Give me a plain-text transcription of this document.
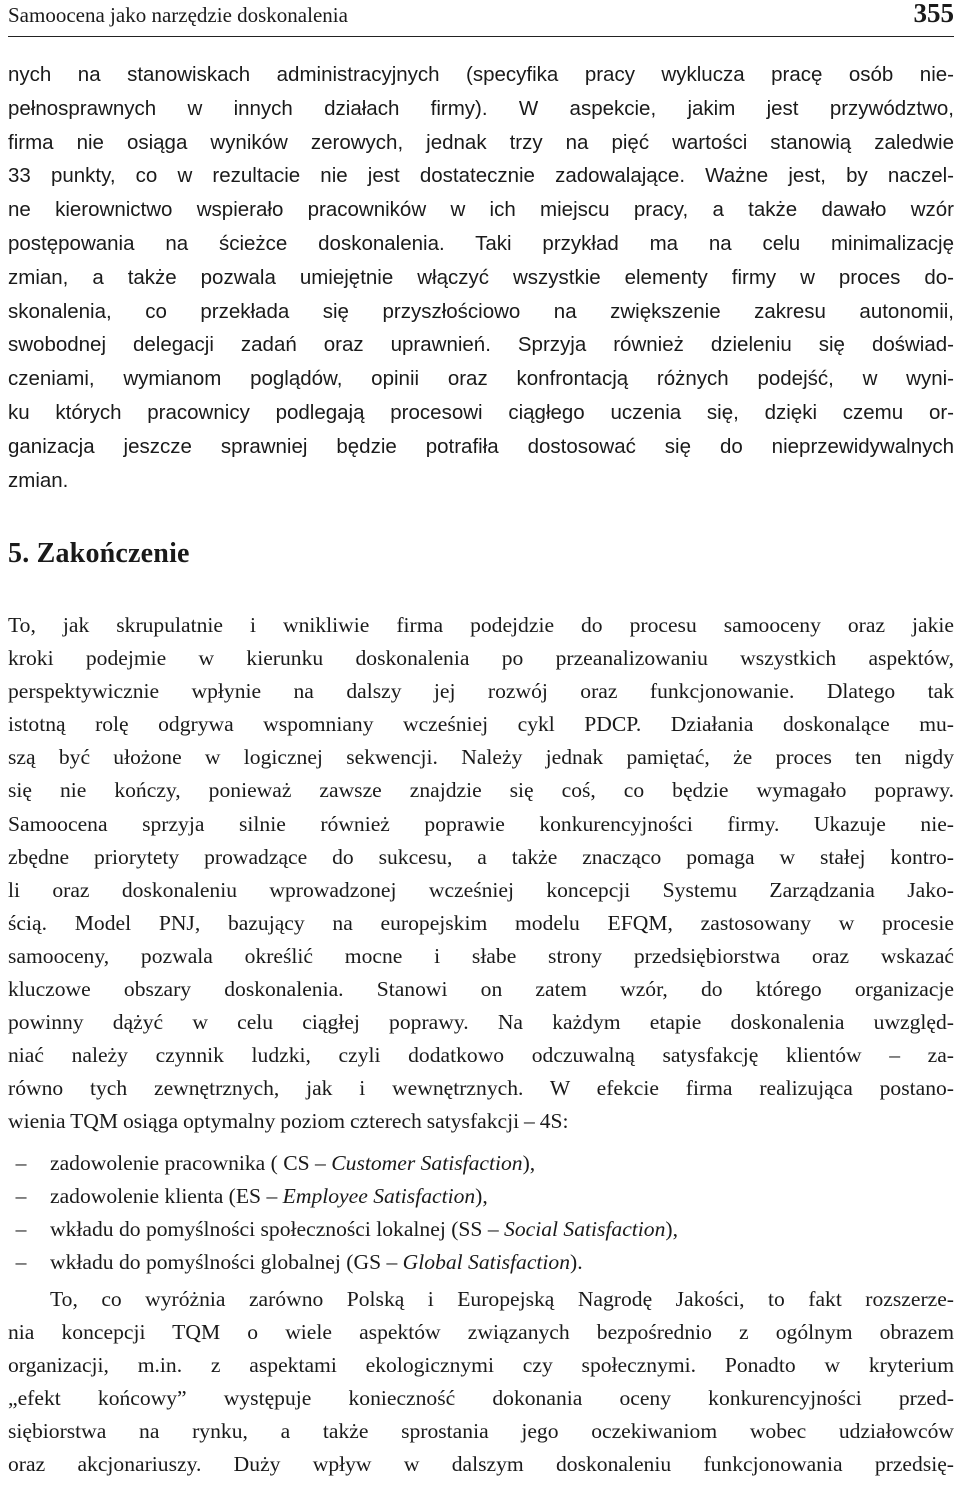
Samoocena jako narzędzie doskonalenia	355
nych na stanowiskach administracyjnych (specyfika pracy wyklucza pracę osób nie-
pełnosprawnych w innych działach firmy). W aspekcie, jakim jest przywództwo,
firma nie osiąga wyników zerowych, jednak trzy na pięć wartości stanowią zaledwie
33 punkty, co w rezultacie nie jest dostatecznie zadowalające. Ważne jest, by naczel-
ne kierownictwo wspierało pracowników w ich miejscu pracy, a także dawało wzór
postępowania na ścieżce doskonalenia. Taki przykład ma na celu minimalizację
zmian, a także pozwala umiejętnie włączyć wszystkie elementy firmy w proces do-
skonalenia, co przekłada się przyszłościowo na zwiększenie zakresu autonomii,
swobodnej delegacji zadań oraz uprawnień. Sprzyja również dzieleniu się doświad-
czeniami, wymianom poglądów, opinii oraz konfrontacją różnych podejść, w wyni-
ku których pracownicy podlegają procesowi ciągłego uczenia się, dzięki czemu or-
ganizacja jeszcze sprawniej będzie potrafiła dostosować się do nieprzewidywalnych
zmian.
5. Zakończenie
To, jak skrupulatnie i wnikliwie firma podejdzie do procesu samooceny oraz jakie
kroki podejmie w kierunku doskonalenia po przeanalizowaniu wszystkich aspektów,
perspektywicznie wpłynie na dalszy jej rozwój oraz funkcjonowanie. Dlatego tak
istotną rolę odgrywa wspomniany wcześniej cykl PDCP. Działania doskonalące mu-
szą być ułożone w logicznej sekwencji. Należy jednak pamiętać, że proces ten nigdy
się nie kończy, ponieważ zawsze znajdzie się coś, co będzie wymagało poprawy.
Samoocena sprzyja silnie również poprawie konkurencyjności firmy. Ukazuje nie-
zbędne priorytety prowadzące do sukcesu, a także znacząco pomaga w stałej kontro-
li oraz doskonaleniu wprowadzonej wcześniej koncepcji Systemu Zarządzania Jako-
ścią. Model PNJ, bazujący na europejskim modelu EFQM, zastosowany w procesie
samooceny, pozwala określić mocne i słabe strony przedsiębiorstwa oraz wskazać
kluczowe obszary doskonalenia. Stanowi on zatem wzór, do którego organizacje
powinny dążyć w celu ciągłej poprawy. Na każdym etapie doskonalenia uwzględ-
niać należy czynnik ludzki, czyli dodatkowo odczuwalną satysfakcję klientów – za-
równo tych zewnętrznych, jak i wewnętrznych. W efekcie firma realizująca postano-
wienia TQM osiąga optymalny poziom czterech satysfakcji – 4S:
–	zadowolenie pracownika ( CS – Customer Satisfaction),
–	zadowolenie klienta (ES – Employee Satisfaction),
–	wkładu do pomyślności społeczności lokalnej (SS – Social Satisfaction),
–	wkładu do pomyślności globalnej (GS – Global Satisfaction).
To, co wyróżnia zarówno Polską i Europejską Nagrodę Jakości, to fakt rozszerze-
nia koncepcji TQM o wiele aspektów związanych bezpośrednio z ogólnym obrazem
organizacji, m.in. z aspektami ekologicznymi czy społecznymi. Ponadto w kryterium
„efekt końcowy” występuje konieczność dokonania oceny konkurencyjności przed-
siębiorstwa na rynku, a także sprostania jego oczekiwaniom wobec udziałowców
oraz akcjonariuszy. Duży wpływ w dalszym doskonaleniu funkcjonowania przedsię-
